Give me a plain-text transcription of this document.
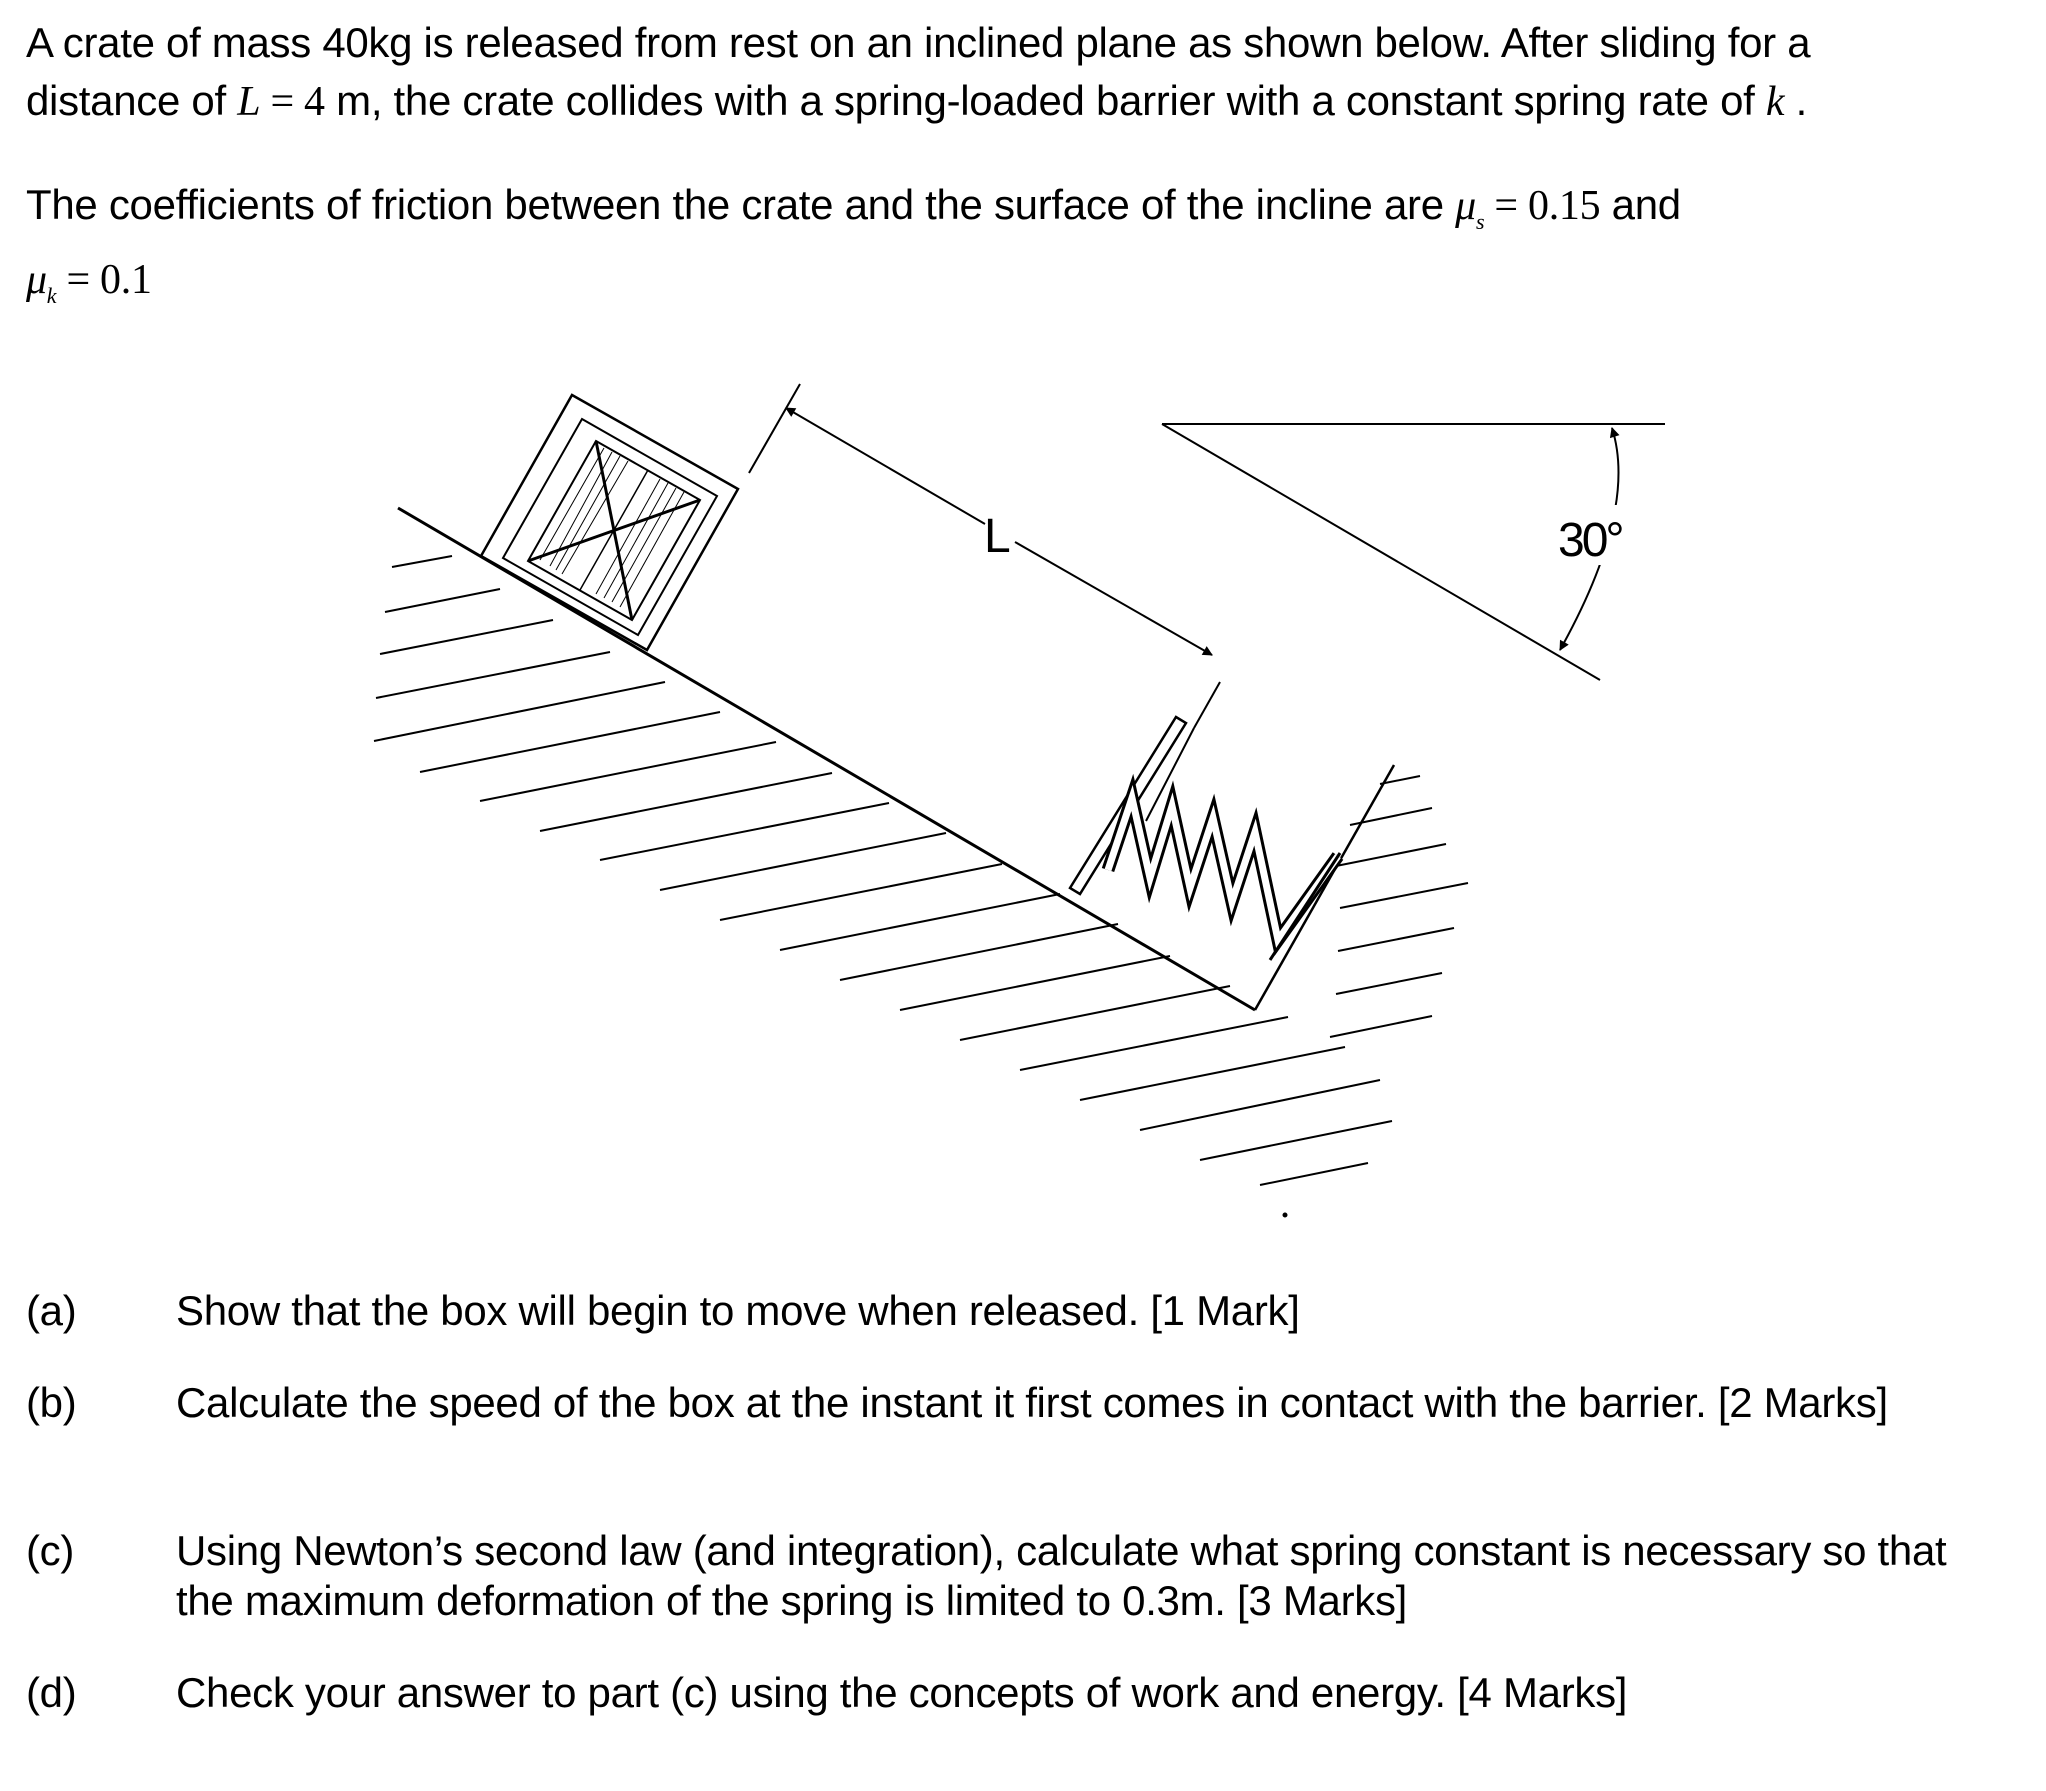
A crate of mass 40kg is released from rest on an inclined plane as shown below. After sliding for a
distance of L = 4 m, the crate collides with a spring-loaded barrier with a constant spring rate of k .
The coefficients of friction between the crate and the surface of the incline are $\mu_s = 0.15$ and
$\mu_k = 0.1$
L	30°
(a) Show that the box will begin to move when released. [1 Mark]
(b) Calculate the speed of the box at the instant it first comes in contact with the barrier. [2 Marks]
(c) Using Newton’s second law (and integration), calculate what spring constant is necessary so that the maximum deformation of the spring is limited to 0.3m. [3 Marks]
(d) Check your answer to part (c) using the concepts of work and energy. [4 Marks]
